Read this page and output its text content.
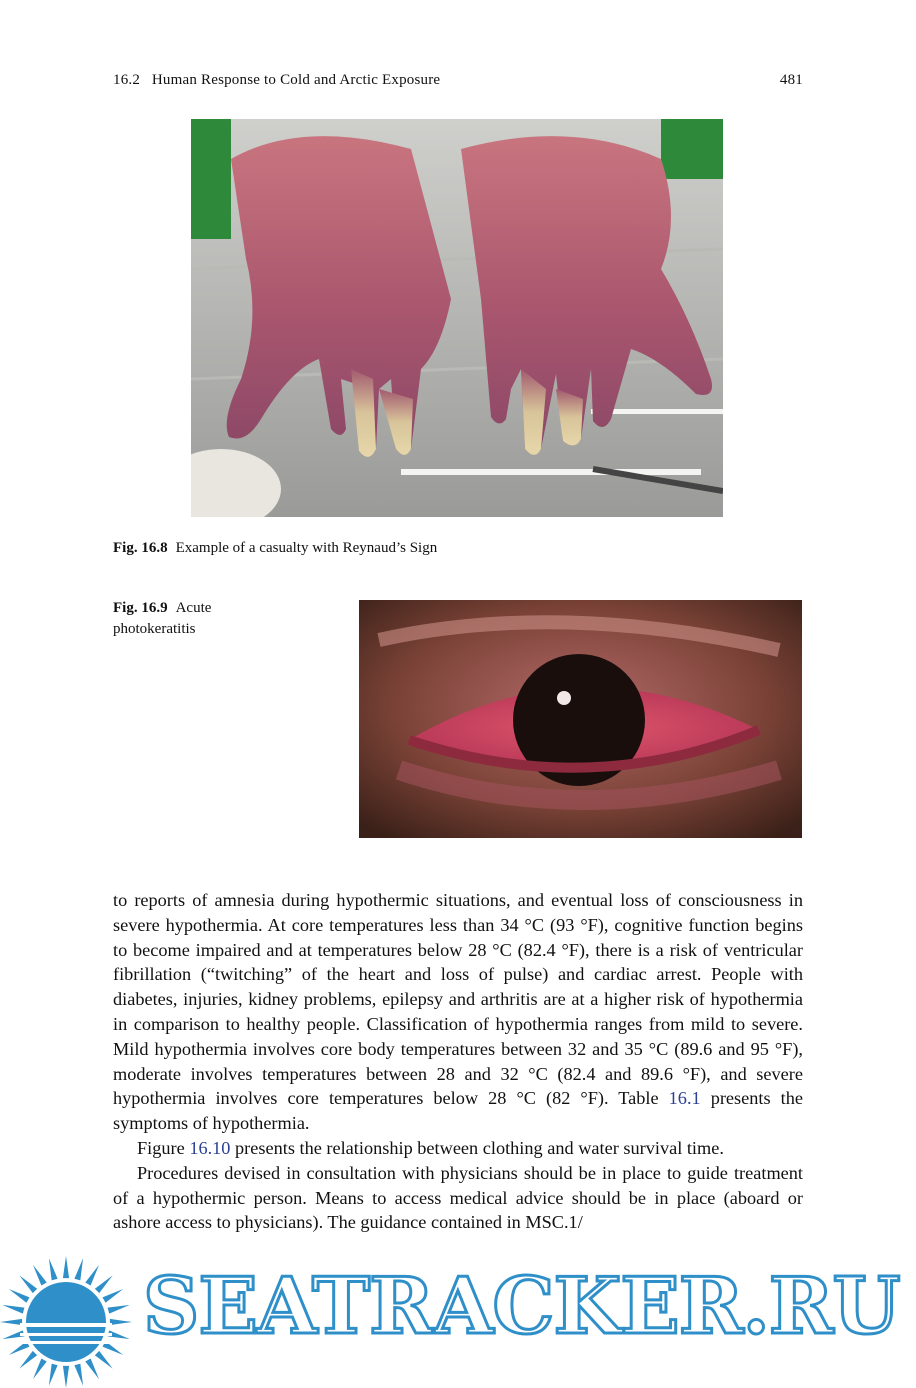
16.2   Human Response to Cold and Arctic Exposure	481
Fig. 16.8 Example of a casualty with Reynaud’s Sign
Fig. 16.9 Acute photokeratitis

to reports of amnesia during hypothermic situations, and eventual loss of consciousness in severe hypothermia. At core temperatures less than 34 °C (93 °F), cognitive function begins to become impaired and at temperatures below 28 °C (82.4 °F), there is a risk of ventricular fibrillation (“twitching” of the heart and loss of pulse) and cardiac arrest. People with diabetes, injuries, kidney problems, epilepsy and arthritis are at a higher risk of hypothermia in comparison to healthy people. Classification of hypothermia ranges from mild to severe. Mild hypothermia involves core body temperatures between 32 and 35 °C (89.6 and 95 °F), moderate involves temperatures between 28 and 32 °C (82.4 and 89.6 °F), and severe hypothermia involves core temperatures below 28 °C (82 °F). Table 16.1 presents the symptoms of hypothermia.

Figure 16.10 presents the relationship between clothing and water survival time.

Procedures devised in consultation with physicians should be in place to guide treatment of a hypothermic person. Means to access medical advice should be in place (aboard or ashore access to physicians). The guidance contained in MSC.1/

SEATRACKER.RU
